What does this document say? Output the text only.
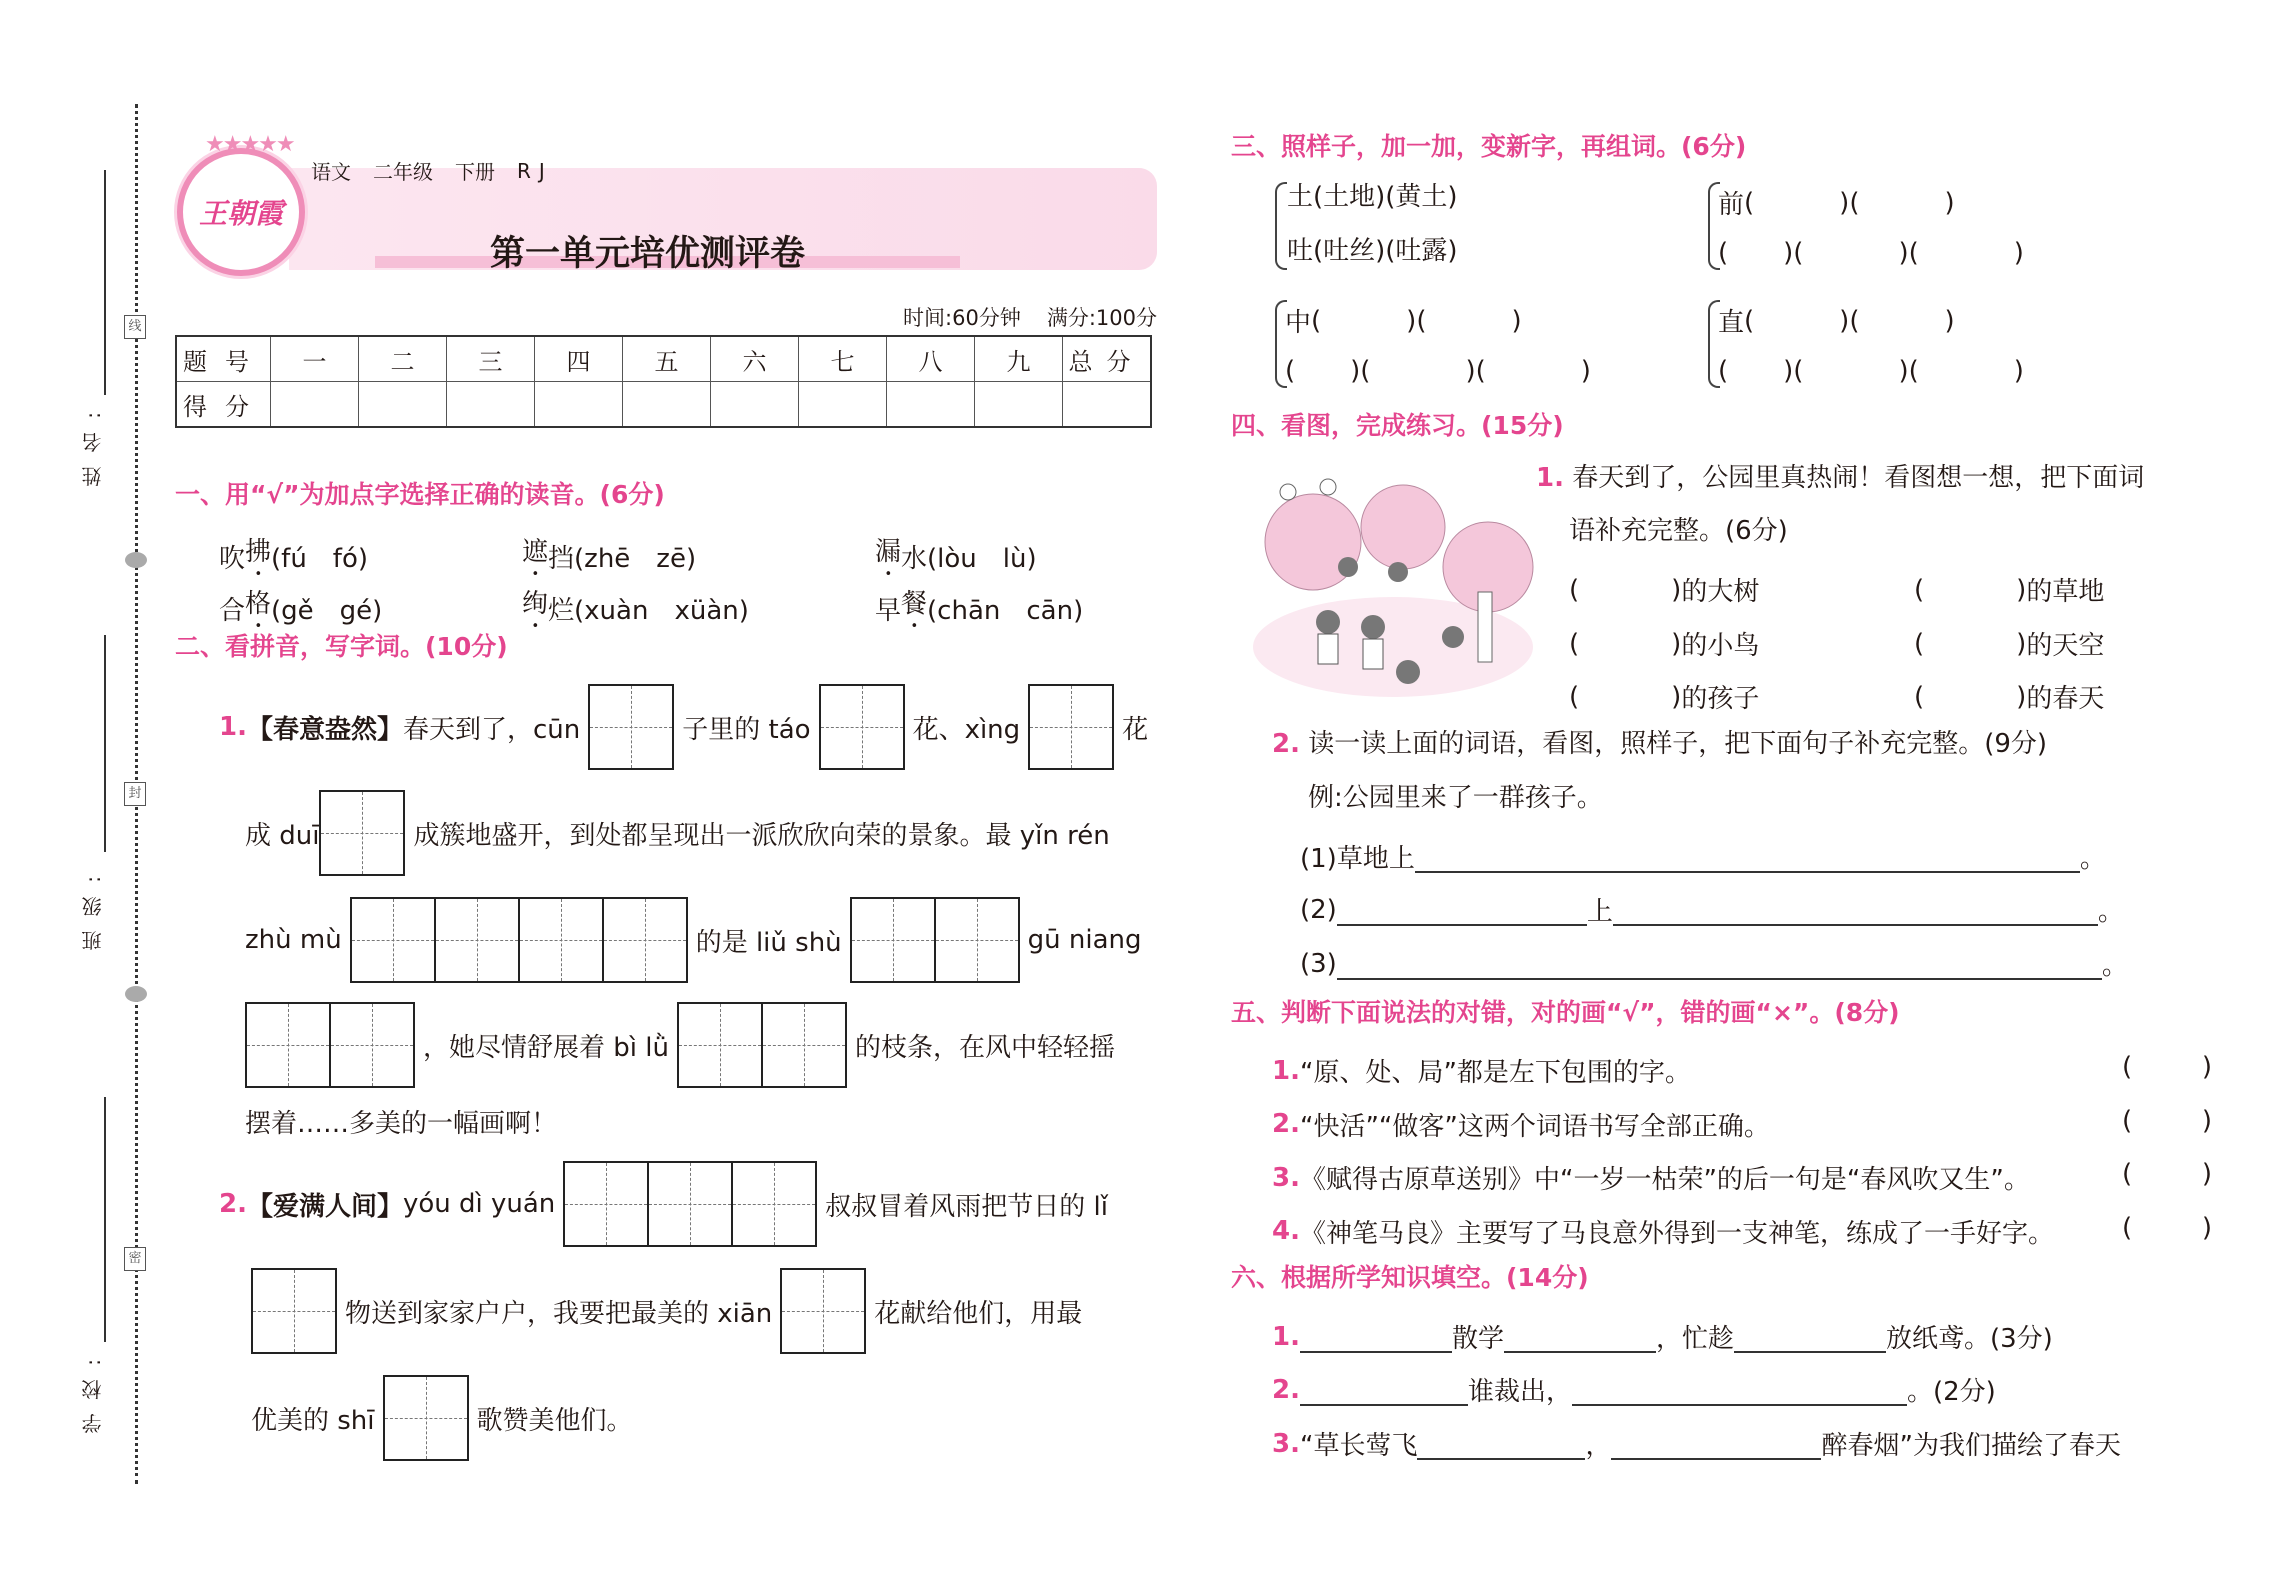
姓名:
班级:
学校:
线
封
密
王朝霞
★★★★★
语文 二年级 下册 RJ
第一单元培优测评卷
时间:60分钟 满分:100分
题号	一	二	三	四	五	六	七	八	九	总分
得分										
一、用“√”为加点字选择正确的读音。(6分)
吹 拂 (fú　fó)	遮 挡 (zhē　zē)	漏 水 (lòu　lù)
合 格 (gě　gé)	绚 烂 (xuàn　xüàn)	早 餐 (chān　cān)
二、看拼音，写字词。(10分)
1. 【春意盎然】 春天到了，cūn	子里的 táo	花、xìng	花
成 duī	成簇地盛开，到处都呈现出一派欣欣向荣的景象。最 yǐn rén
zhù mù	的是 liǔ shù	gū niang
，她尽情舒展着 bì lǜ	的枝条，在风中轻轻摇
摆着……多美的一幅画啊！
2. 【爱满人间】 yóu dì yuán	叔叔冒着风雨把节日的 lǐ
物送到家家户户，我要把最美的 xiān	花献给他们，用最
优美的 shī	歌赞美他们。
三、照样子，加一加，变新字，再组词。(6分)
土(土地)(黄土)
吐(吐丝)(吐露)
前 (	)(	)
( )(	)(	)
中 (	)(	)
( )(	)(	)
直 (	)(	)
( )(	)(	)
四、看图，完成练习。(15分)
1. 春天到了，公园里真热闹！看图想一想，把下面词
语补充完整。(6分)
(	) 的大树	(	) 的草地
(	) 的小鸟	(	) 的天空
(	) 的孩子	(	) 的春天
2. 读一读上面的词语，看图，照样子，把下面句子补充完整。(9分)
例:公园里来了一群孩子。
(1)草地上	。
(2)	上	。
(3)	。
五、判断下面说法的对错，对的画“√”，错的画“×”。(8分)
1. “原、处、局”都是左下包围的字。	(	)
2. “快活”“做客”这两个词语书写全部正确。	(	)
3. 《赋得古原草送别》中“一岁一枯荣”的后一句是“春风吹又生”。	(	)
4. 《神笔马良》主要写了马良意外得到一支神笔，练成了一手好字。	(	)
六、根据所学知识填空。(14分)
1.	散学	，忙趁	放纸鸢。(3分)
2.	谁裁出，	。(2分)
3. “草长莺飞	，	醉春烟”为我们描绘了春天
